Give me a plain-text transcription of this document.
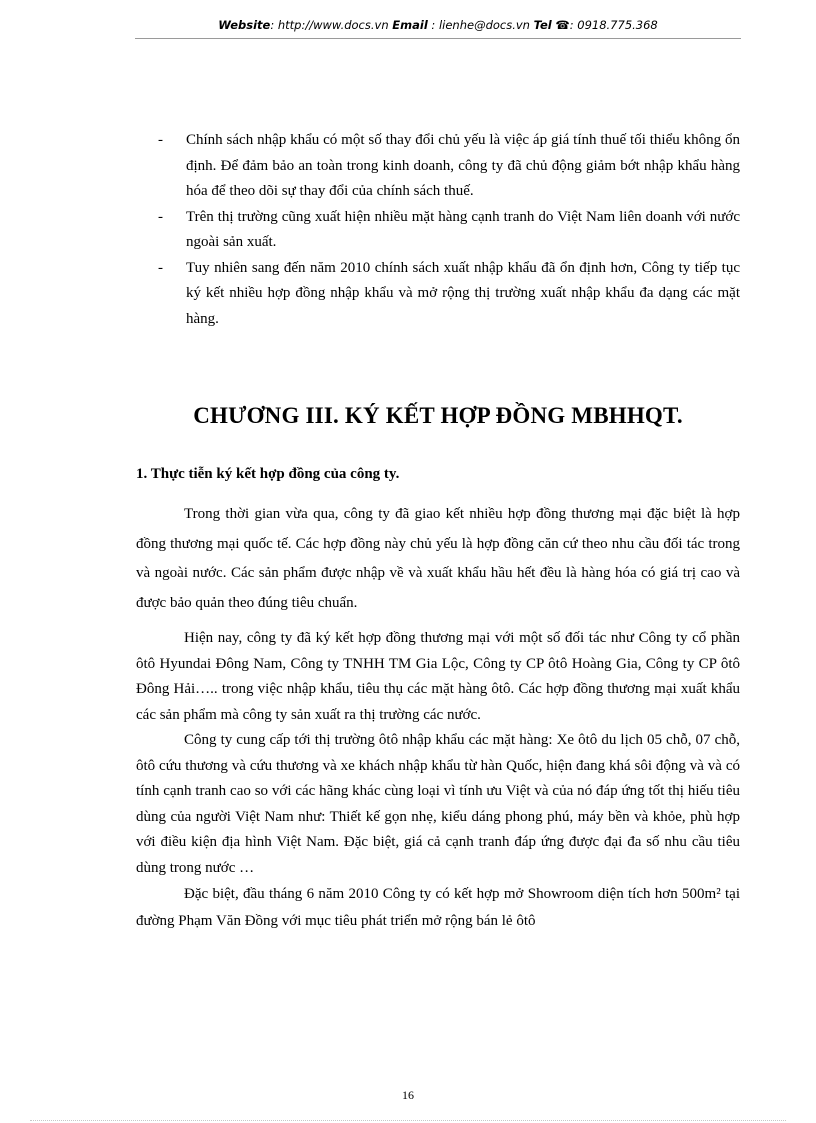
Website: http://www.docs.vn Email : lienhe@docs.vn Tel ☎: 0918.775.368
-	Chính sách nhập khẩu có một số thay đổi chủ yếu là việc áp giá tính thuế tối thiểu không ổn định. Để đảm bảo an toàn trong kinh doanh, công ty đã chủ động giảm bớt nhập khẩu hàng hóa để theo dõi sự thay đổi của chính sách thuế.
-	Trên thị trường cũng xuất hiện nhiều mặt hàng cạnh tranh do Việt Nam liên doanh với nước ngoài sản xuất.
-	Tuy nhiên sang đến năm 2010 chính sách xuất nhập khẩu đã ổn định hơn, Công ty tiếp tục ký kết nhiều hợp đồng nhập khẩu và mở rộng thị trường xuất nhập khẩu đa dạng các mặt hàng.
CHƯƠNG III. KÝ KẾT HỢP ĐỒNG MBHHQT.
1. Thực tiễn ký kết hợp đồng của công ty.

Trong thời gian vừa qua, công ty đã giao kết nhiều hợp đồng thương mại đặc biệt là hợp đồng thương mại quốc tế. Các hợp đồng này chủ yếu là hợp đồng căn cứ theo nhu cầu đối tác trong và ngoài nước. Các sản phẩm được nhập về và xuất khẩu hầu hết đều là hàng hóa có giá trị cao và được bảo quản theo đúng tiêu chuẩn.

Hiện nay, công ty đã ký kết hợp đồng thương mại với một số đối tác như Công ty cổ phần ôtô Hyundai Đông Nam, Công ty TNHH TM Gia Lộc, Công ty CP ôtô Hoàng Gia, Công ty CP ôtô Đông Hải….. trong việc nhập khẩu, tiêu thụ các mặt hàng ôtô. Các hợp đồng thương mại xuất khẩu các sản phẩm mà công ty sản xuất ra thị trường các nước.

Công ty cung cấp tới thị trường ôtô nhập khẩu các mặt hàng: Xe ôtô du lịch 05 chỗ, 07 chỗ, ôtô cứu thương và cứu thương và xe khách nhập khẩu từ hàn Quốc, hiện đang khá sôi động và và có tính cạnh tranh cao so với các hãng khác cùng loại vì tính ưu Việt và của nó đáp ứng tốt thị hiếu tiêu dùng của người Việt Nam như: Thiết kế gọn nhẹ, kiểu dáng phong phú, máy bền và khỏe, phù hợp với điều kiện địa hình Việt Nam. Đặc biệt, giá cả cạnh tranh đáp ứng được đại đa số nhu cầu tiêu dùng trong nước …

Đặc biệt, đầu tháng 6 năm 2010 Công ty có kết hợp mở Showroom diện tích hơn 500m² tại đường Phạm Văn Đồng với mục tiêu phát triển mở rộng bán lẻ ôtô

16
